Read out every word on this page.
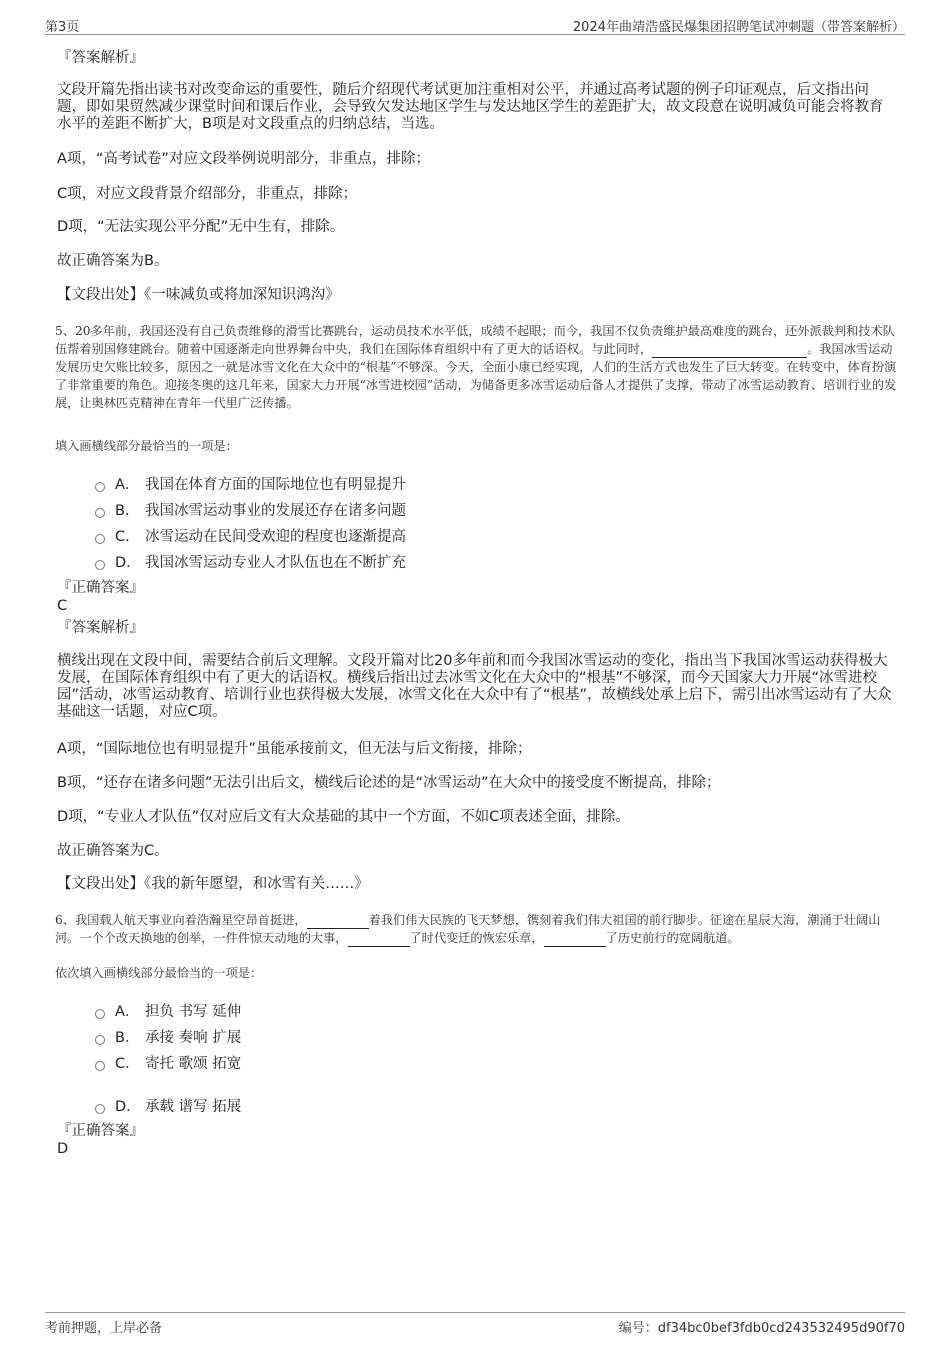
第3页	2024年曲靖浩盛民爆集团招聘笔试冲刺题（带答案解析）
『答案解析』
文段开篇先指出读书对改变命运的重要性，随后介绍现代考试更加注重相对公平，并通过高考试题的例子印证观点，后文指出问题，即如果贸然减少课堂时间和课后作业，会导致欠发达地区学生与发达地区学生的差距扩大，故文段意在说明减负可能会将教育水平的差距不断扩大，B项是对文段重点的归纳总结，当选。
A项，“高考试卷”对应文段举例说明部分，非重点，排除；
C项，对应文段背景介绍部分，非重点，排除；
D项，“无法实现公平分配”无中生有，排除。
故正确答案为B。
【文段出处】《一味减负或将加深知识鸿沟》
5、20多年前，我国还没有自己负责维修的滑雪比赛跳台，运动员技术水平低，成绩不起眼；而今，我国不仅负责维护最高难度的跳台，还外派裁判和技术队伍帮着别国修建跳台。随着中国逐渐走向世界舞台中央，我们在国际体育组织中有了更大的话语权。与此同时，	。我国冰雪运动发展历史欠账比较多，原因之一就是冰雪文化在大众中的“根基”不够深。今天，全面小康已经实现，人们的生活方式也发生了巨大转变。在转变中，体育扮演了非常重要的角色。迎接冬奥的这几年来，国家大力开展“冰雪进校园”活动，为储备更多冰雪运动后备人才提供了支撑，带动了冰雪运动教育、培训行业的发展，让奥林匹克精神在青年一代里广泛传播。
填入画横线部分最恰当的一项是：
A． 我国在体育方面的国际地位也有明显提升
B． 我国冰雪运动事业的发展还存在诸多问题
C． 冰雪运动在民间受欢迎的程度也逐渐提高
D． 我国冰雪运动专业人才队伍也在不断扩充
『正确答案』
C
『答案解析』
横线出现在文段中间，需要结合前后文理解。文段开篇对比20多年前和而今我国冰雪运动的变化，指出当下我国冰雪运动获得极大发展，在国际体育组织中有了更大的话语权。横线后指出过去冰雪文化在大众中的“根基”不够深，而今天国家大力开展“冰雪进校园”活动，冰雪运动教育、培训行业也获得极大发展，冰雪文化在大众中有了“根基”，故横线处承上启下，需引出冰雪运动有了大众基础这一话题，对应C项。
A项，“国际地位也有明显提升”虽能承接前文，但无法与后文衔接，排除；
B项，“还存在诸多问题”无法引出后文，横线后论述的是“冰雪运动”在大众中的接受度不断提高，排除；
D项，“专业人才队伍”仅对应后文有大众基础的其中一个方面，不如C项表述全面，排除。
故正确答案为C。
【文段出处】《我的新年愿望，和冰雪有关……》
6、我国载人航天事业向着浩瀚星空昂首挺进，	着我们伟大民族的飞天梦想，镌刻着我们伟大祖国的前行脚步。征途在星辰大海，潮涌于壮阔山河。一个个改天换地的创举，一件件惊天动地的大事，	了时代变迁的恢宏乐章，	了历史前行的宽阔航道。
依次填入画横线部分最恰当的一项是：
A． 担负 书写 延伸
B． 承接 奏响 扩展
C． 寄托 歌颂 拓宽
D． 承载 谱写 拓展
『正确答案』
D
考前押题，上岸必备	编号：df34bc0bef3fdb0cd243532495d90f70
